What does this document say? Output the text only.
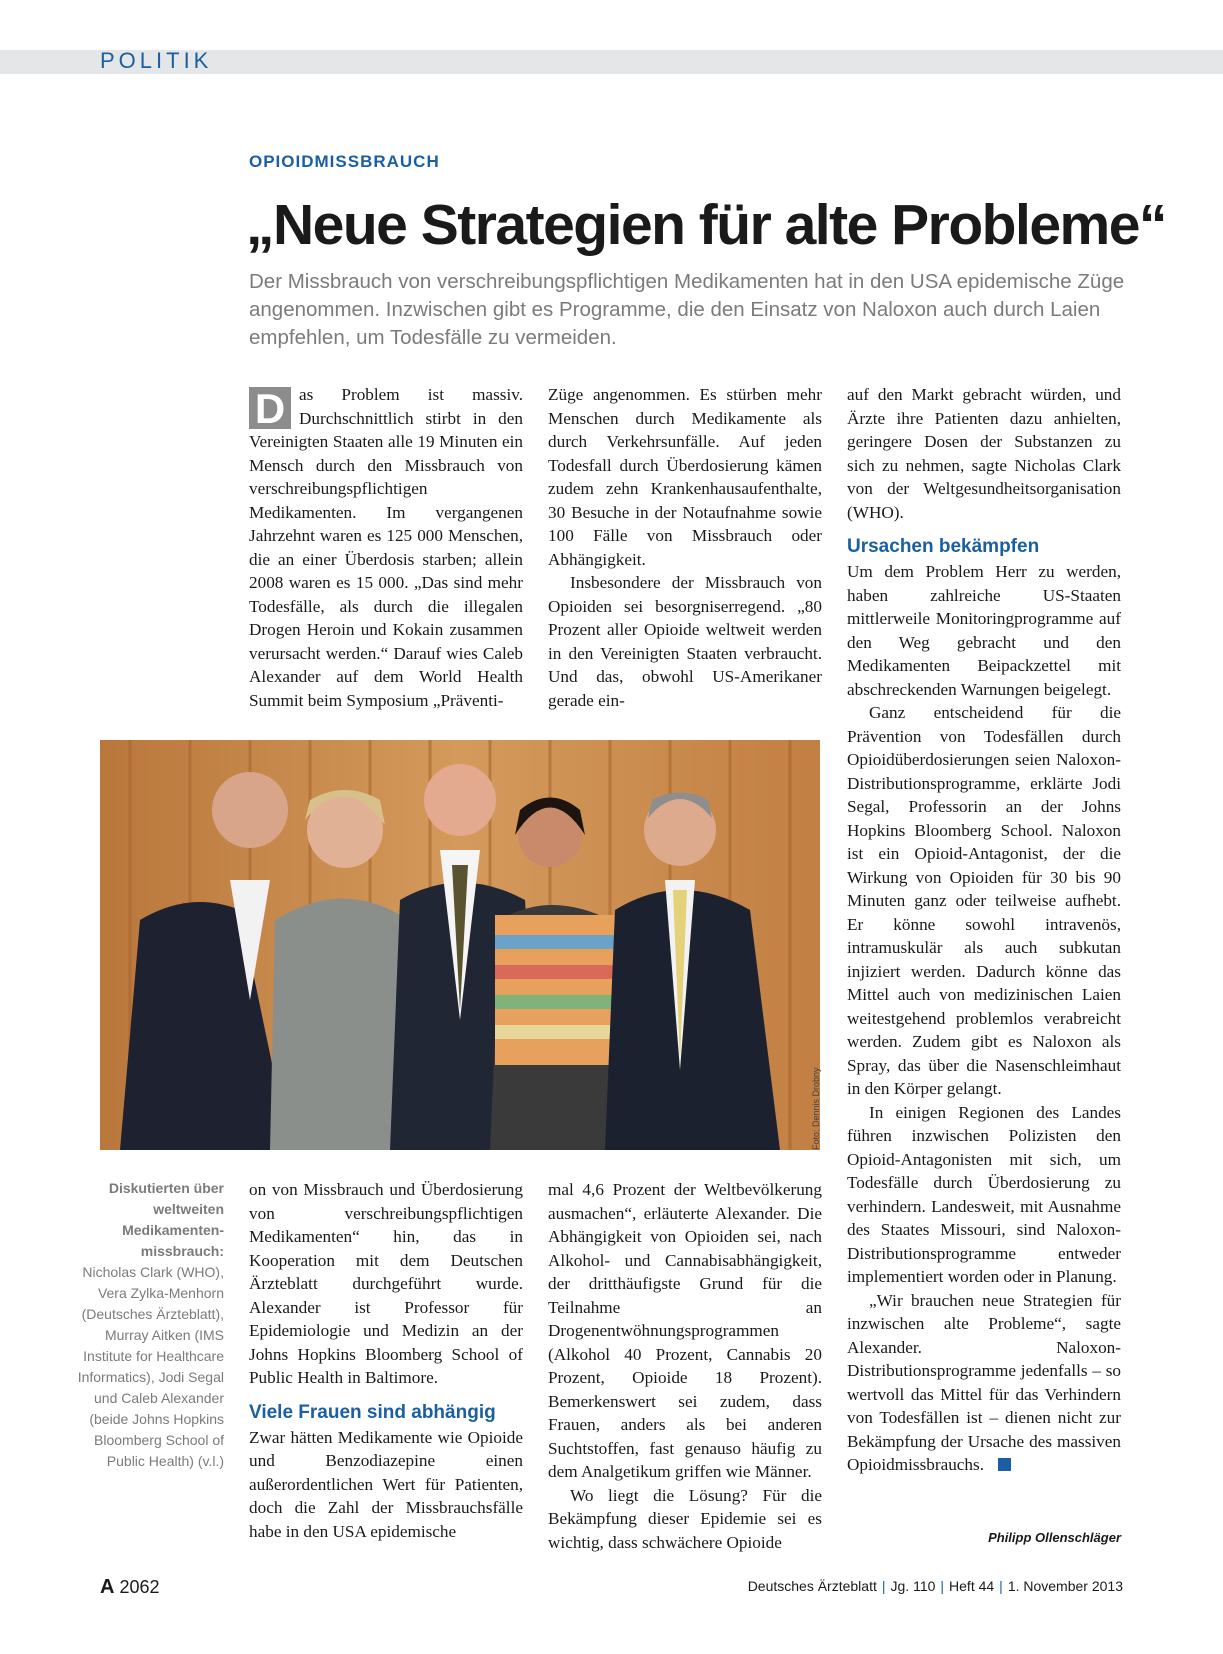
POLITIK
OPIOIDMISSBRAUCH
„Neue Strategien für alte Probleme“

Der Missbrauch von verschreibungspflichtigen Medikamenten hat in den USA epidemische Züge angenommen. Inzwischen gibt es Programme, die den Einsatz von Naloxon auch durch Laien empfehlen, um Todesfälle zu vermeiden.

D as Problem ist massiv. Durchschnittlich stirbt in den Vereinigten Staaten alle 19 Minuten ein Mensch durch den Missbrauch von verschreibungspflichtigen Medikamenten. Im vergangenen Jahrzehnt waren es 125 000 Menschen, die an einer Überdosis starben; allein 2008 waren es 15 000. „Das sind mehr Todesfälle, als durch die illegalen Drogen Heroin und Kokain zusammen verursacht werden.“ Darauf wies Caleb Alexander auf dem World Health Summit beim Symposium „Präventi-

Züge angenommen. Es stürben mehr Menschen durch Medikamente als durch Verkehrsunfälle. Auf jeden Todesfall durch Überdosierung kämen zudem zehn Krankenhausaufenthalte, 30 Besuche in der Notaufnahme sowie 100 Fälle von Missbrauch oder Abhängigkeit.

Insbesondere der Missbrauch von Opioiden sei besorgniserregend. „80 Prozent aller Opioide weltweit werden in den Vereinigten Staaten verbraucht. Und das, obwohl US-Amerikaner gerade ein-

auf den Markt gebracht würden, und Ärzte ihre Patienten dazu anhielten, geringere Dosen der Substanzen zu sich zu nehmen, sagte Nicholas Clark von der Weltgesundheitsorganisation (WHO).

Ursachen bekämpfen

Um dem Problem Herr zu werden, haben zahlreiche US-Staaten mittlerweile Monitoringprogramme auf den Weg gebracht und den Medikamenten Beipackzettel mit abschreckenden Warnungen beigelegt.

Ganz entscheidend für die Prävention von Todesfällen durch Opioidüberdosierungen seien Naloxon-Distributionsprogramme, erklärte Jodi Segal, Professorin an der Johns Hopkins Bloomberg School. Naloxon ist ein Opioid-Antagonist, der die Wirkung von Opioiden für 30 bis 90 Minuten ganz oder teilweise aufhebt. Er könne sowohl intravenös, intramuskulär als auch subkutan injiziert werden. Dadurch könne das Mittel auch von medizinischen Laien weitestgehend problemlos verabreicht werden. Zudem gibt es Naloxon als Spray, das über die Nasenschleimhaut in den Körper gelangt.

In einigen Regionen des Landes führen inzwischen Polizisten den Opioid-Antagonisten mit sich, um Todesfälle durch Überdosierung zu verhindern. Landesweit, mit Ausnahme des Staates Missouri, sind Naloxon-Distributionsprogramme entweder implementiert worden oder in Planung.

„Wir brauchen neue Strategien für inzwischen alte Probleme“, sagte Alexander. Naloxon-Distributionsprogramme jedenfalls – so wertvoll das Mittel für das Verhindern von Todesfällen ist – dienen nicht zur Bekämpfung der Ursache des massiven Opioidmissbrauchs.

Philipp Ollenschläger
Foto: Dennis Drobny
Diskutierten über weltweiten Medikamenten-missbrauch:
Nicholas Clark (WHO), Vera Zylka-Menhorn (Deutsches Ärzteblatt), Murray Aitken (IMS Institute for Healthcare Informatics), Jodi Segal und Caleb Alexander (beide Johns Hopkins Bloomberg School of Public Health) (v.l.)

on von Missbrauch und Überdosierung von verschreibungspflichtigen Medikamenten“ hin, das in Kooperation mit dem Deutschen Ärzteblatt durchgeführt wurde. Alexander ist Professor für Epidemiologie und Medizin an der Johns Hopkins Bloomberg School of Public Health in Baltimore.

Viele Frauen sind abhängig

Zwar hätten Medikamente wie Opioide und Benzodiazepine einen außerordentlichen Wert für Patienten, doch die Zahl der Missbrauchsfälle habe in den USA epidemische

mal 4,6 Prozent der Weltbevölkerung ausmachen“, erläuterte Alexander. Die Abhängigkeit von Opioiden sei, nach Alkohol- und Cannabisabhängigkeit, der dritthäufigste Grund für die Teilnahme an Drogenentwöhnungsprogrammen (Alkohol 40 Prozent, Cannabis 20 Prozent, Opioide 18 Prozent). Bemerkenswert sei zudem, dass Frauen, anders als bei anderen Suchtstoffen, fast genauso häufig zu dem Analgetikum griffen wie Männer.

Wo liegt die Lösung? Für die Bekämpfung dieser Epidemie sei es wichtig, dass schwächere Opioide

A 2062	Deutsches Ärzteblatt | Jg. 110 | Heft 44 | 1. November 2013
